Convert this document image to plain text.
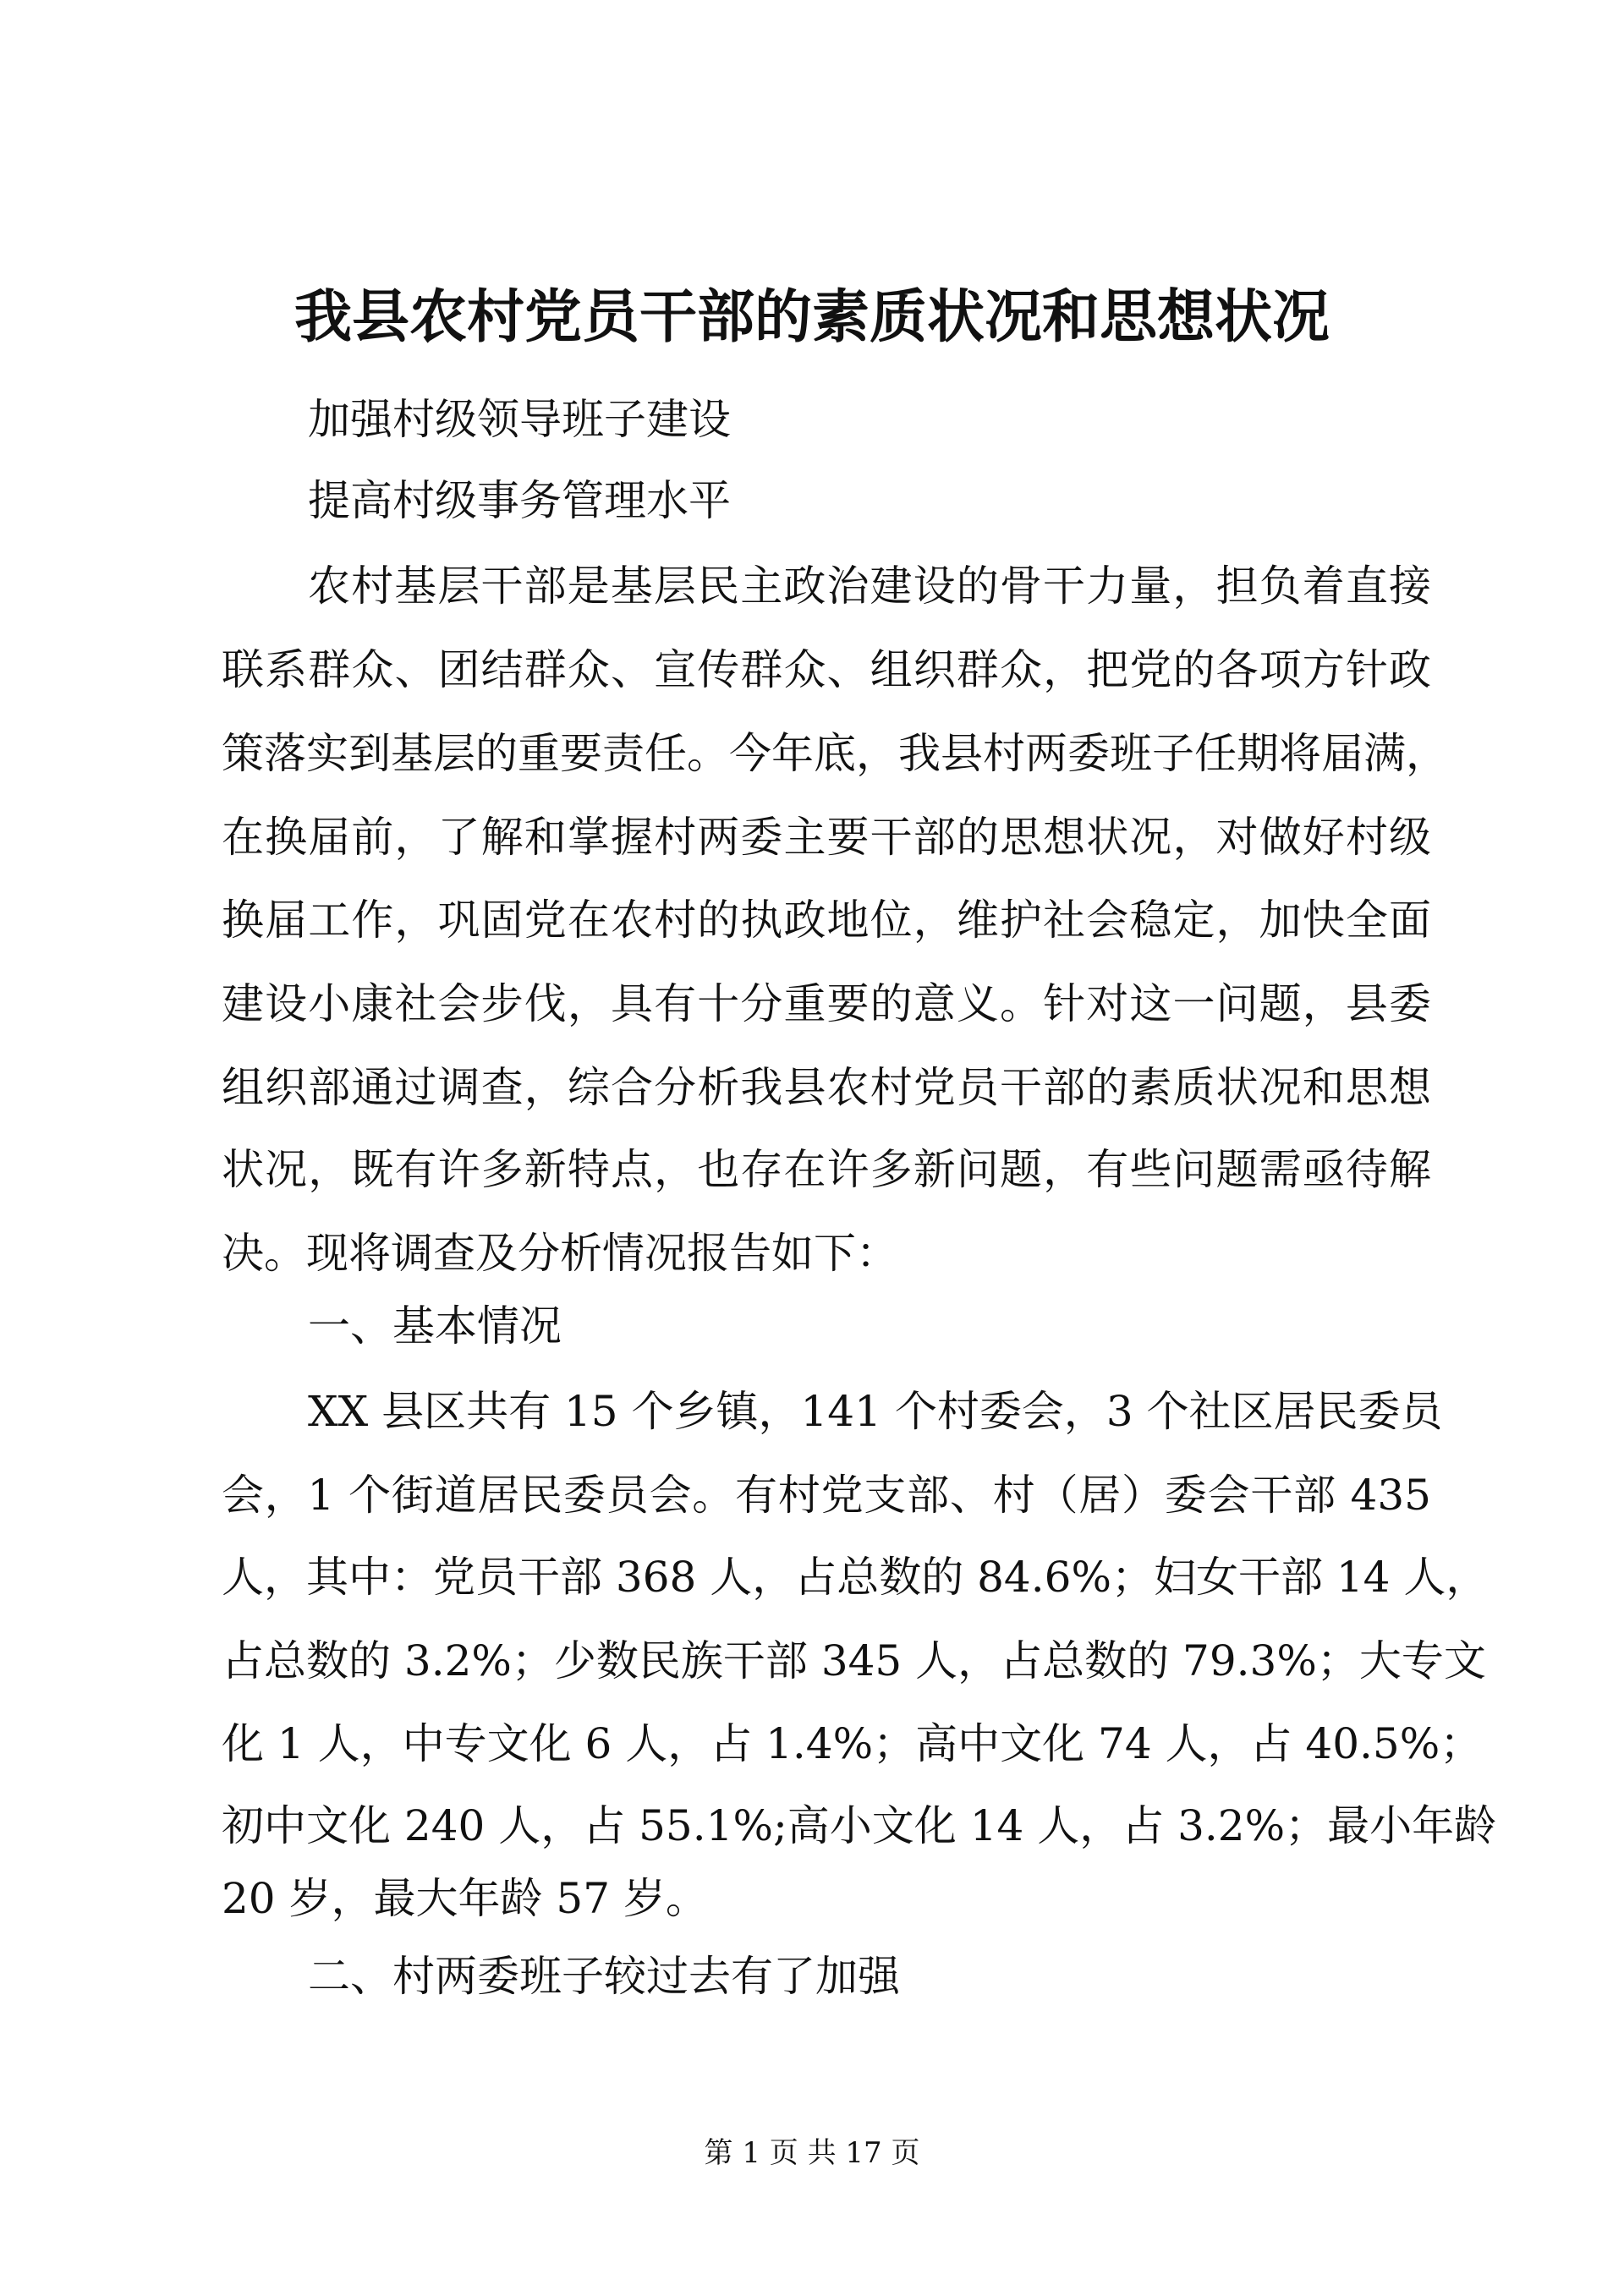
我县农村党员干部的素质状况和思想状况
加强村级领导班子建设
提高村级事务管理水平
农村基层干部是基层民主政治建设的骨干力量，担负着直接
联系群众、团结群众、宣传群众、组织群众，把党的各项方针政
策落实到基层的重要责任。今年底，我县村两委班子任期将届满，
在换届前，了解和掌握村两委主要干部的思想状况，对做好村级
换届工作，巩固党在农村的执政地位，维护社会稳定，加快全面
建设小康社会步伐，具有十分重要的意义。针对这一问题，县委
组织部通过调查，综合分析我县农村党员干部的素质状况和思想
状况，既有许多新特点，也存在许多新问题，有些问题需亟待解
决。现将调查及分析情况报告如下：
一、基本情况
XX 县区共有 15 个乡镇，141 个村委会，3 个社区居民委员
会，1 个街道居民委员会。有村党支部、村（居）委会干部 435
人，其中：党员干部 368 人，占总数的 84.6%；妇女干部 14 人，
占总数的 3.2%；少数民族干部 345 人，占总数的 79.3%；大专文
化 1 人，中专文化 6 人，占 1.4%；高中文化 74 人，占 40.5%；
初中文化 240 人，占 55.1%;高小文化 14 人，占 3.2%；最小年龄
20 岁，最大年龄 57 岁。
二、村两委班子较过去有了加强
第 1 页 共 17 页
